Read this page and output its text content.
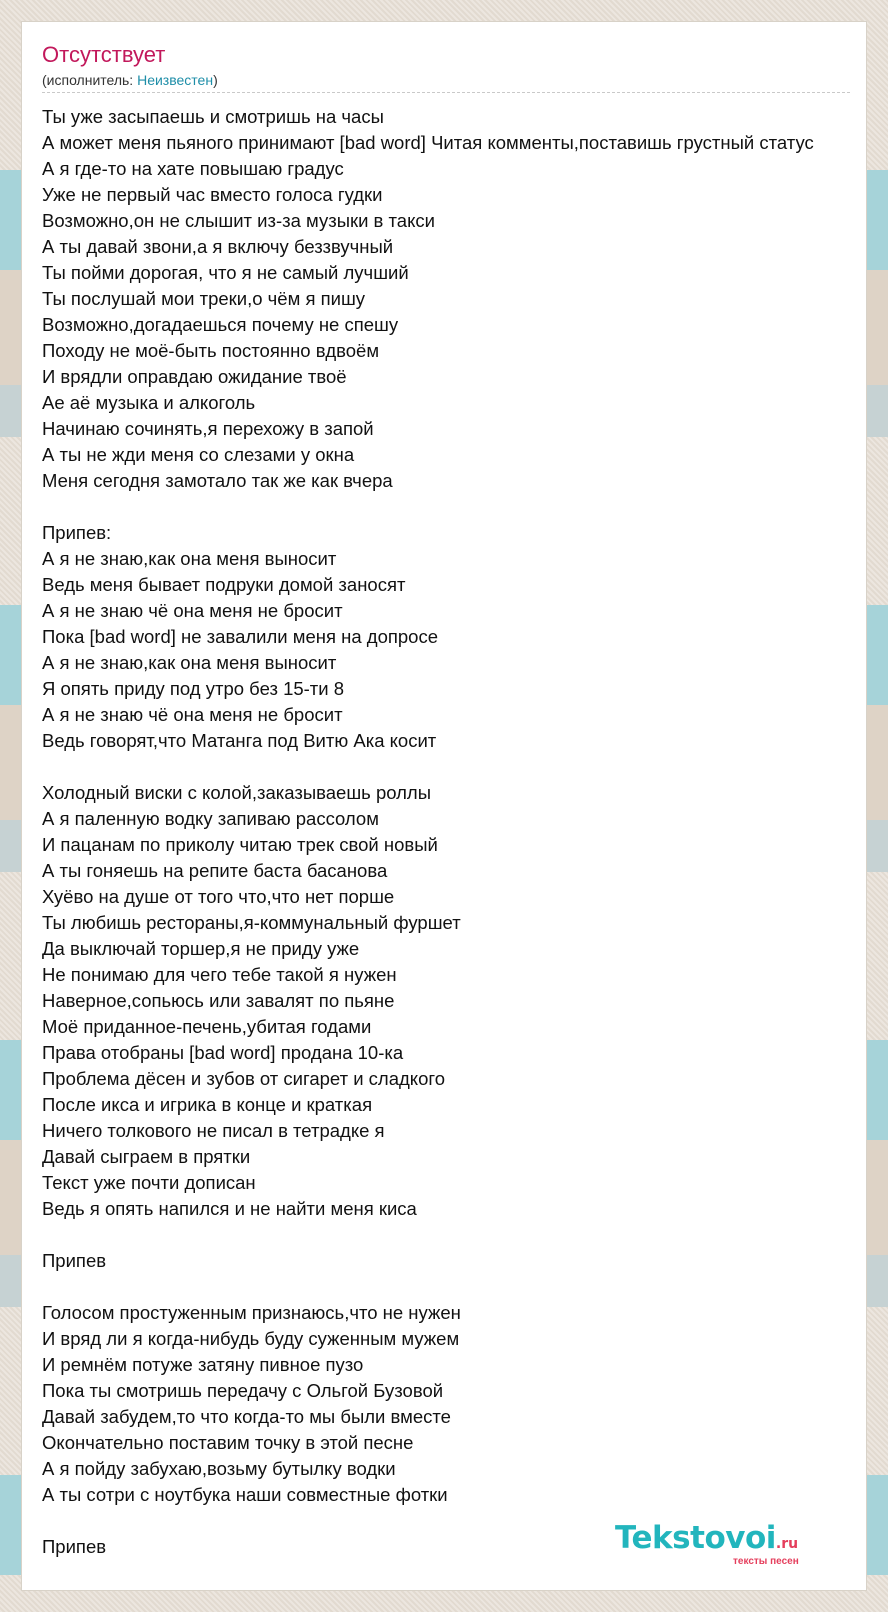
Отсутствует
(исполнитель: Неизвестен)
Ты уже засыпаешь и смотришь на часы
А может меня пьяного принимают [bad word] Читая комменты,поставишь грустный статус
А я где-то на хате повышаю градус
Уже не первый час вместо голоса гудки
Возможно,он не слышит из-за музыки в такси
А ты давай звони,а я включу беззвучный
Ты пойми дорогая, что я не самый лучший
Ты послушай мои треки,о чём я пишу
Возможно,догадаешься почему не спешу
Походу не моё-быть постоянно вдвоём
И врядли оправдаю ожидание твоё
Ае аё музыка и алкоголь
Начинаю сочинять,я перехожу в запой
А ты не жди меня со слезами у окна
Меня сегодня замотало так же как вчера
Припев:
А я не знаю,как она меня выносит
Ведь меня бывает подруки домой заносят
А я не знаю чё она меня не бросит
Пока [bad word] не завалили меня на допросе
А я не знаю,как она меня выносит
Я опять приду под утро без 15-ти 8
А я не знаю чё она меня не бросит
Ведь говорят,что Матанга под Витю Ака косит
Холодный виски с колой,заказываешь роллы
А я паленную водку запиваю рассолом
И пацанам по приколу читаю трек свой новый
А ты гоняешь на репите баста басанова
Хуёво на душе от того что,что нет порше
Ты любишь рестораны,я-коммунальный фуршет
Да выключай торшер,я не приду уже
Не понимаю для чего тебе такой я нужен
Наверное,сопьюсь или завалят по пьяне
Моё приданное-печень,убитая годами
Права отобраны [bad word] продана 10-ка
Проблема дёсен и зубов от сигарет и сладкого
После икса и игрика в конце и краткая
Ничего толкового не писал в тетрадке я
Давай сыграем в прятки
Текст уже почти дописан
Ведь я опять напился и не найти меня киса
Припев
Голосом простуженным признаюсь,что не нужен
И вряд ли я когда-нибудь буду суженным мужем
И ремнём потуже затяну пивное пузо
Пока ты смотришь передачу с Ольгой Бузовой
Давай забудем,то что когда-то мы были вместе
Окончательно поставим точку в этой песне
А я пойду забухаю,возьму бутылку водки
А ты сотри с ноутбука наши совместные фотки
Припев	Tekstovoi.ru
тексты песен
